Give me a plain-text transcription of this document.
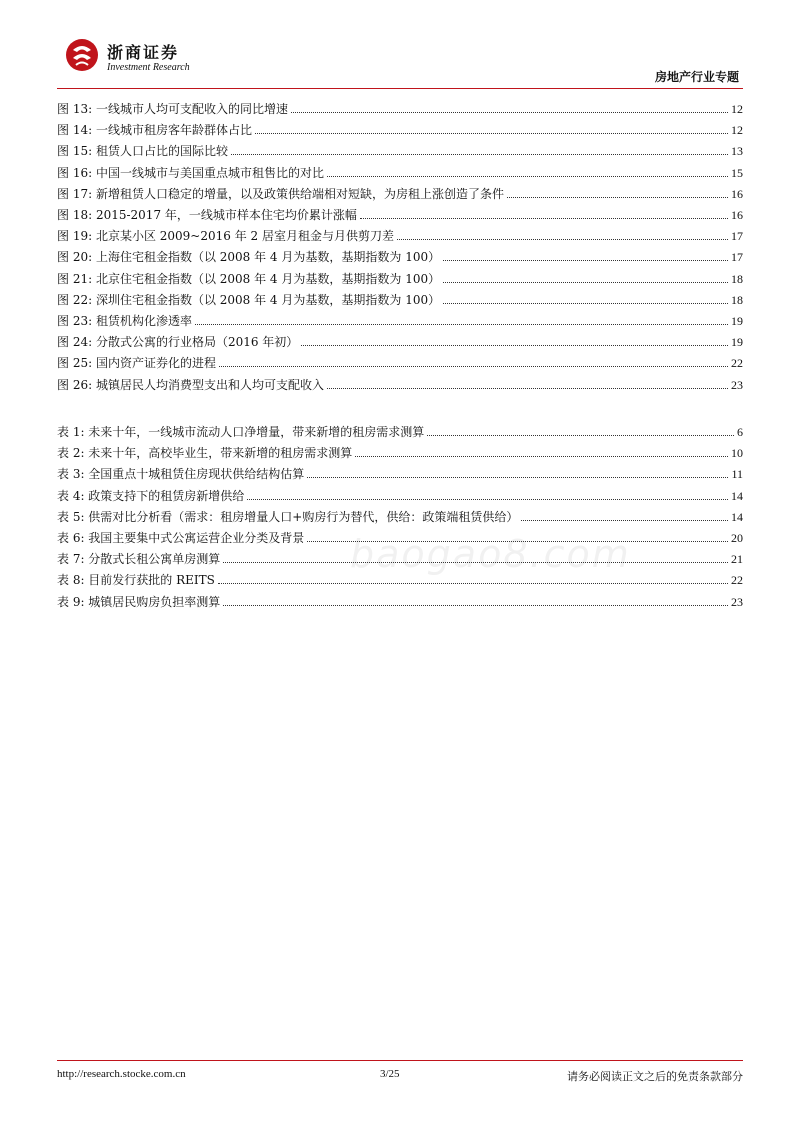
浙商证券
Investment Research
房地产行业专题
图 13: 一线城市人均可支配收入的同比增速	12
图 14: 一线城市租房客年龄群体占比	12
图 15: 租赁人口占比的国际比较	13
图 16: 中国一线城市与美国重点城市租售比的对比	15
图 17: 新增租赁人口稳定的增量，以及政策供给端相对短缺，为房租上涨创造了条件	16
图 18: 2015-2017 年，一线城市样本住宅均价累计涨幅	16
图 19: 北京某小区 2009~2016 年 2 居室月租金与月供剪刀差	17
图 20: 上海住宅租金指数（以 2008 年 4 月为基数，基期指数为 100）	17
图 21: 北京住宅租金指数（以 2008 年 4 月为基数，基期指数为 100）	18
图 22: 深圳住宅租金指数（以 2008 年 4 月为基数，基期指数为 100）	18
图 23: 租赁机构化渗透率	19
图 24: 分散式公寓的行业格局（2016 年初）	19
图 25: 国内资产证券化的进程	22
图 26: 城镇居民人均消费型支出和人均可支配收入	23
表 1: 未来十年，一线城市流动人口净增量，带来新增的租房需求测算	6
表 2: 未来十年，高校毕业生，带来新增的租房需求测算	10
表 3: 全国重点十城租赁住房现状供给结构估算	11
表 4: 政策支持下的租赁房新增供给	14
表 5: 供需对比分析看（需求：租房增量人口+购房行为替代，供给：政策端租赁供给）	14
表 6: 我国主要集中式公寓运营企业分类及背景	20
表 7: 分散式长租公寓单房测算	21
表 8: 目前发行获批的 REITS	22
表 9: 城镇居民购房负担率测算	23
baogao8.com
http://research.stocke.com.cn	3/25	请务必阅读正文之后的免责条款部分
